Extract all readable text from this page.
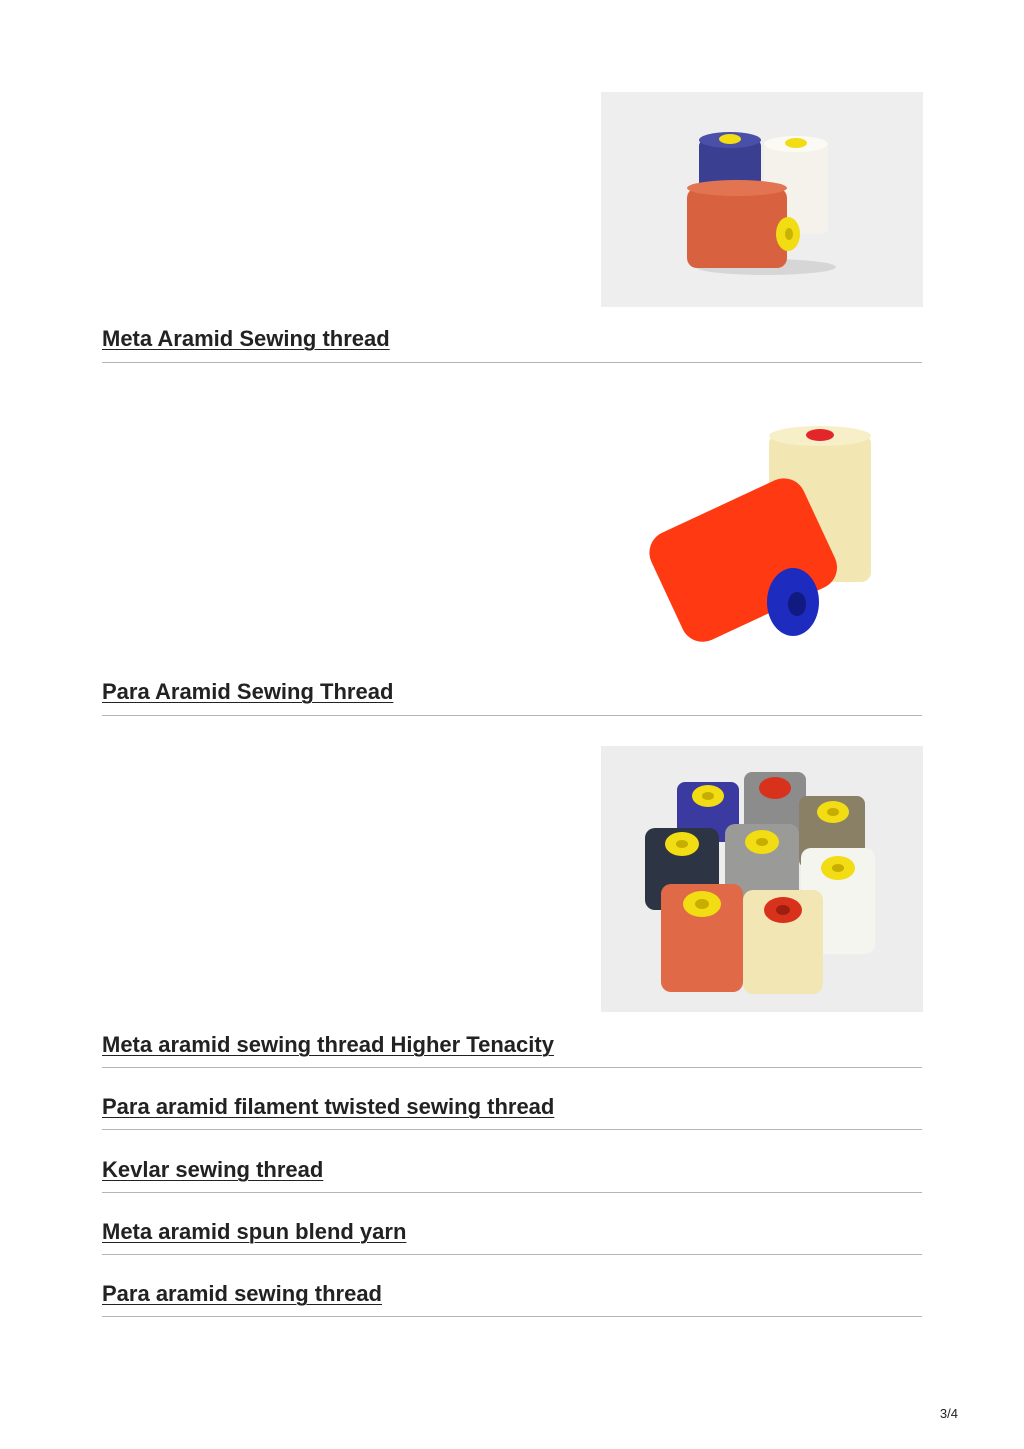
Meta Aramid Sewing thread
Para Aramid Sewing Thread
Meta aramid sewing thread Higher Tenacity
Para aramid filament twisted sewing thread
Kevlar sewing thread
Meta aramid spun blend yarn
Para aramid sewing thread
3/4
